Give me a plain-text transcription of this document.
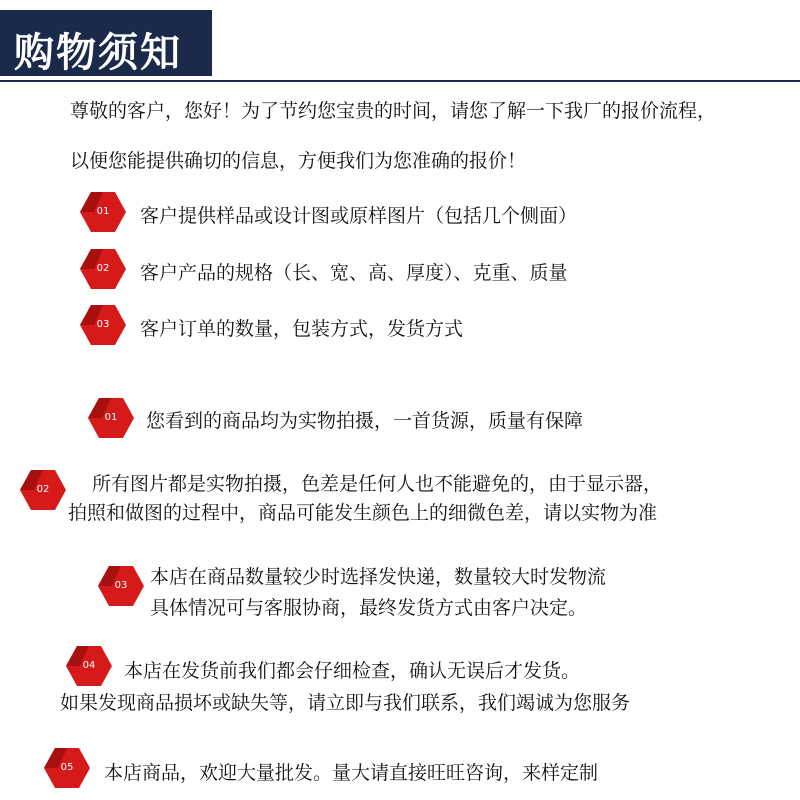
购物须知
尊敬的客户，您好！为了节约您宝贵的时间，请您了解一下我厂的报价流程，
以便您能提供确切的信息，方便我们为您准确的报价！
01	客户提供样品或设计图或原样图片（包括几个侧面）
02	客户产品的规格（长、宽、高、厚度）、克重、质量
03	客户订单的数量，包装方式，发货方式
01	您看到的商品均为实物拍摄，一首货源，质量有保障
02	所有图片都是实物拍摄，色差是任何人也不能避免的，由于显示器，
拍照和做图的过程中，商品可能发生颜色上的细微色差，请以实物为准
03	本店在商品数量较少时选择发快递，数量较大时发物流
具体情况可与客服协商，最终发货方式由客户决定。
04	本店在发货前我们都会仔细检查，确认无误后才发货。
如果发现商品损坏或缺失等，请立即与我们联系，我们竭诚为您服务
05	本店商品，欢迎大量批发。量大请直接旺旺咨询，来样定制
